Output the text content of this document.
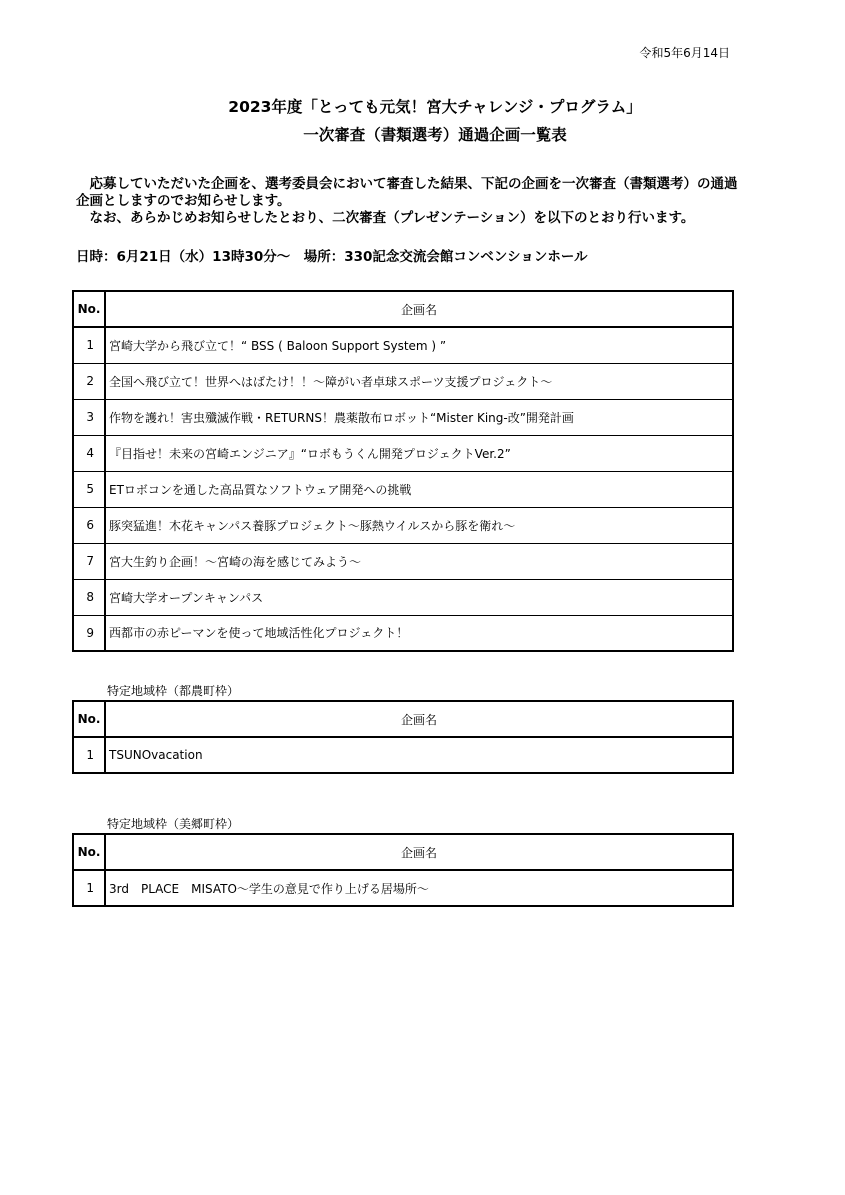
令和5年6月14日
2023年度「とっても元気！宮大チャレンジ・プログラム」
一次審査（書類選考）通過企画一覧表
　応募していただいた企画を、選考委員会において審査した結果、下記の企画を一次審査（書類選考）の通過企画としますのでお知らせします。
　なお、あらかじめお知らせしたとおり、二次審査（プレゼンテーション）を以下のとおり行います。
日時：6月21日（水）13時30分～　場所：330記念交流会館コンベンションホール
No.	企画名
1	宮崎大学から飛び立て！“ BSS ( Baloon Support System ) ”
2	全国へ飛び立て！世界へはばたけ！！～障がい者卓球スポーツ支援プロジェクト～
3	作物を護れ！害虫殲滅作戦・RETURNS！農薬散布ロボット“Mister King-改”開発計画
4	『目指せ！未来の宮崎エンジニア』“ロボもうくん開発プロジェクトVer.2”
5	ETロボコンを通した高品質なソフトウェア開発への挑戦
6	豚突猛進！木花キャンパス養豚プロジェクト～豚熱ウイルスから豚を衛れ～
7	宮大生釣り企画！～宮崎の海を感じてみよう～
8	宮崎大学オープンキャンパス
9	西都市の赤ピーマンを使って地域活性化プロジェクト！
特定地域枠（都農町枠）
No.	企画名
1	TSUNOvacation
特定地域枠（美郷町枠）
No.	企画名
1	3rd　PLACE　MISATO～学生の意見で作り上げる居場所～
